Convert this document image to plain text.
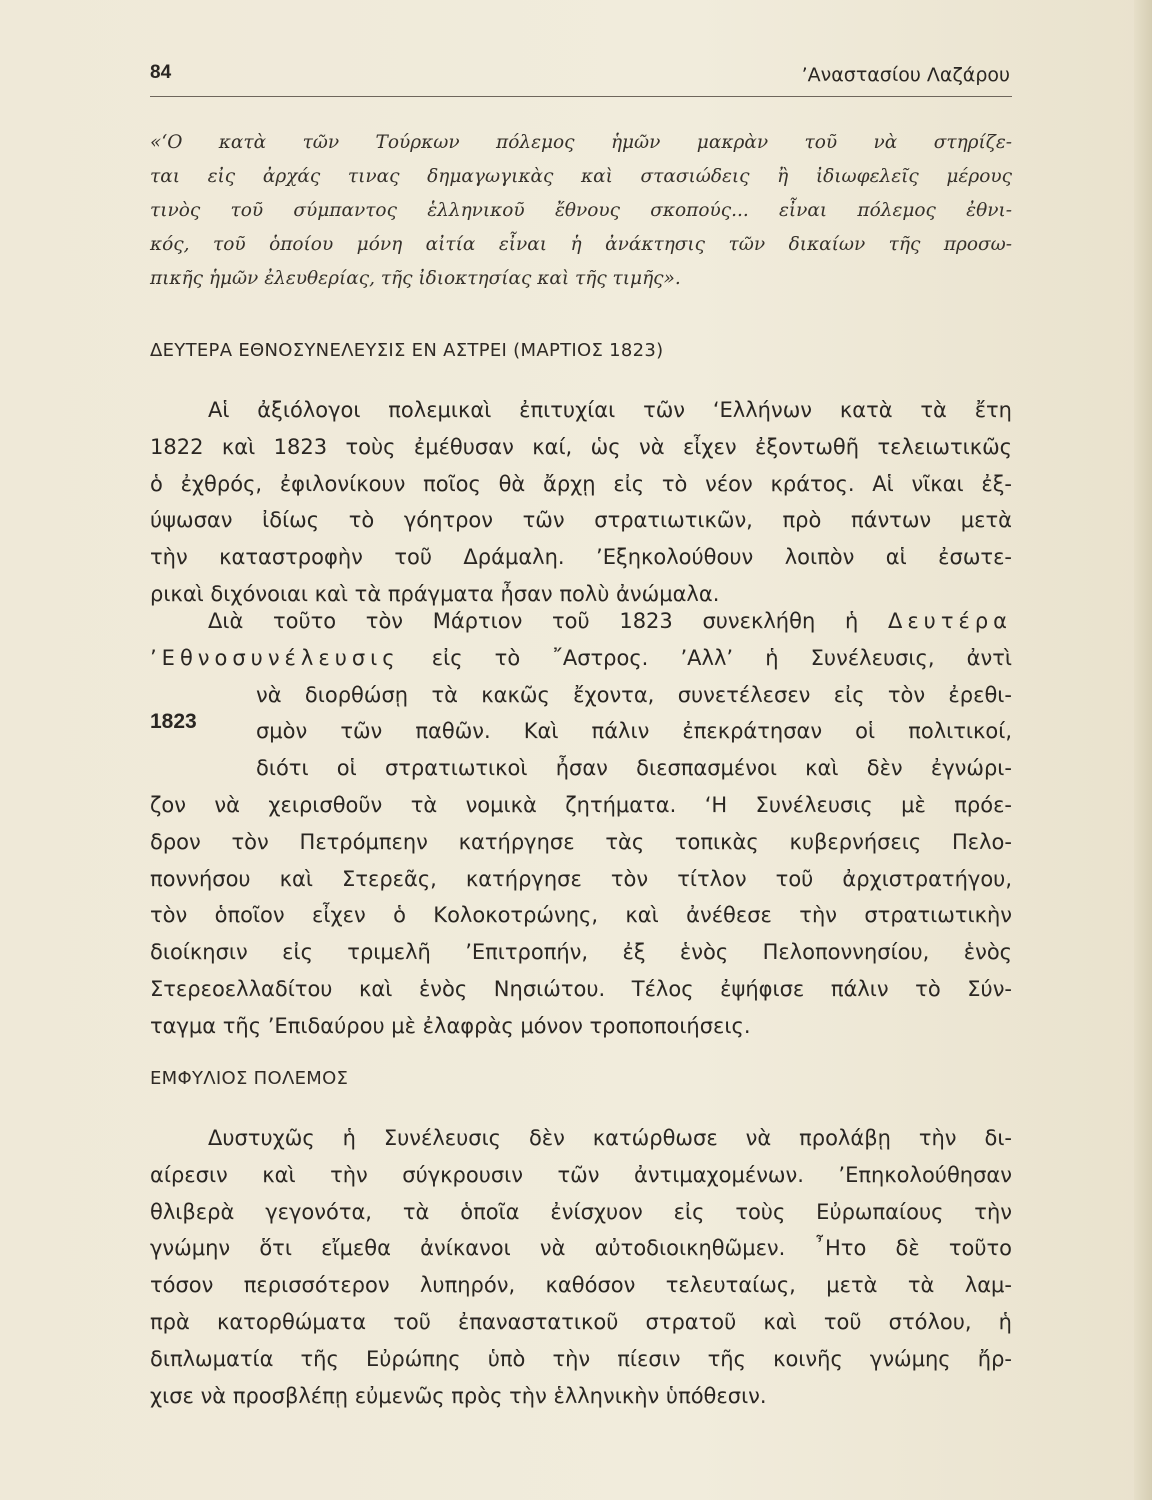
84	’Αναστασίου Λαζάρου
«‘Ο κατὰ τῶν Τούρκων πόλεμος ἡμῶν μακρὰν τοῦ νὰ στηρίζε-
ται εἰς ἀρχάς τινας δημαγωγικὰς καὶ στασιώδεις ἢ ἰδιωφελεῖς μέρους
τινὸς τοῦ σύμπαντος ἑλληνικοῦ ἔθνους σκοπούς... εἶναι πόλεμος ἐθνι-
κός, τοῦ ὁποίου μόνη αἰτία εἶναι ἡ ἀνάκτησις τῶν δικαίων τῆς προσω-
πικῆς ἡμῶν ἐλευθερίας, τῆς ἰδιοκτησίας καὶ τῆς τιμῆς».
ΔΕΥΤΕΡΑ ΕΘΝΟΣΥΝΕΛΕΥΣΙΣ ΕΝ ΑΣΤΡΕΙ (ΜΑΡΤΙΟΣ 1823)
Αἱ ἀξιόλογοι πολεμικαὶ ἐπιτυχίαι τῶν ‘Ελλήνων κατὰ τὰ ἔτη
1822 καὶ 1823 τοὺς ἐμέθυσαν καί, ὡς νὰ εἶχεν ἐξοντωθῆ τελειωτικῶς
ὁ ἐχθρός, ἐφιλονίκουν ποῖος θὰ ἄρχῃ εἰς τὸ νέον κράτος. Αἱ νῖκαι ἐξ-
ύψωσαν ἰδίως τὸ γόητρον τῶν στρατιωτικῶν, πρὸ πάντων μετὰ
τὴν καταστροφὴν τοῦ Δράμαλη. ’Εξηκολούθουν λοιπὸν αἱ ἐσωτε-
ρικαὶ διχόνοιαι καὶ τὰ πράγματα ἦσαν πολὺ ἀνώμαλα.
Διὰ τοῦτο τὸν Μάρτιον τοῦ 1823 συνεκλήθη ἡ Δευτέρα
’Εθνοσυνέλευσις εἰς τὸ ῎Αστρος. ’Αλλ’ ἡ Συνέλευσις, ἀντὶ
νὰ διορθώσῃ τὰ κακῶς ἔχοντα, συνετέλεσεν εἰς τὸν ἐρεθι-
σμὸν τῶν παθῶν. Καὶ πάλιν ἐπεκράτησαν οἱ πολιτικοί,
διότι οἱ στρατιωτικοὶ ἦσαν διεσπασμένοι καὶ δὲν ἐγνώρι-
ζον νὰ χειρισθοῦν τὰ νομικὰ ζητήματα. ‘Η Συνέλευσις μὲ πρόε-
δρον τὸν Πετρόμπεην κατήργησε τὰς τοπικὰς κυβερνήσεις Πελο-
ποννήσου καὶ Στερεᾶς, κατήργησε τὸν τίτλον τοῦ ἀρχιστρατήγου,
τὸν ὁποῖον εἶχεν ὁ Κολοκοτρώνης, καὶ ἀνέθεσε τὴν στρατιωτικὴν
διοίκησιν εἰς τριμελῆ ’Επιτροπήν, ἐξ ἑνὸς Πελοποννησίου, ἑνὸς
Στερεοελλαδίτου καὶ ἑνὸς Νησιώτου. Τέλος ἐψήφισε πάλιν τὸ Σύν-
ταγμα τῆς ’Επιδαύρου μὲ ἐλαφρὰς μόνον τροποποιήσεις.
1823
ΕΜΦΥΛΙΟΣ ΠΟΛΕΜΟΣ
Δυστυχῶς ἡ Συνέλευσις δὲν κατώρθωσε νὰ προλάβῃ τὴν δι-
αίρεσιν καὶ τὴν σύγκρουσιν τῶν ἀντιμαχομένων. ’Επηκολούθησαν
θλιβερὰ γεγονότα, τὰ ὁποῖα ἐνίσχυον εἰς τοὺς Εὐρωπαίους τὴν
γνώμην ὅτι εἴμεθα ἀνίκανοι νὰ αὐτοδιοικηθῶμεν. ῏Ητο δὲ τοῦτο
τόσον περισσότερον λυπηρόν, καθόσον τελευταίως, μετὰ τὰ λαμ-
πρὰ κατορθώματα τοῦ ἐπαναστατικοῦ στρατοῦ καὶ τοῦ στόλου, ἡ
διπλωματία τῆς Εὐρώπης ὑπὸ τὴν πίεσιν τῆς κοινῆς γνώμης ἤρ-
χισε νὰ προσβλέπῃ εὐμενῶς πρὸς τὴν ἑλληνικὴν ὑπόθεσιν.
